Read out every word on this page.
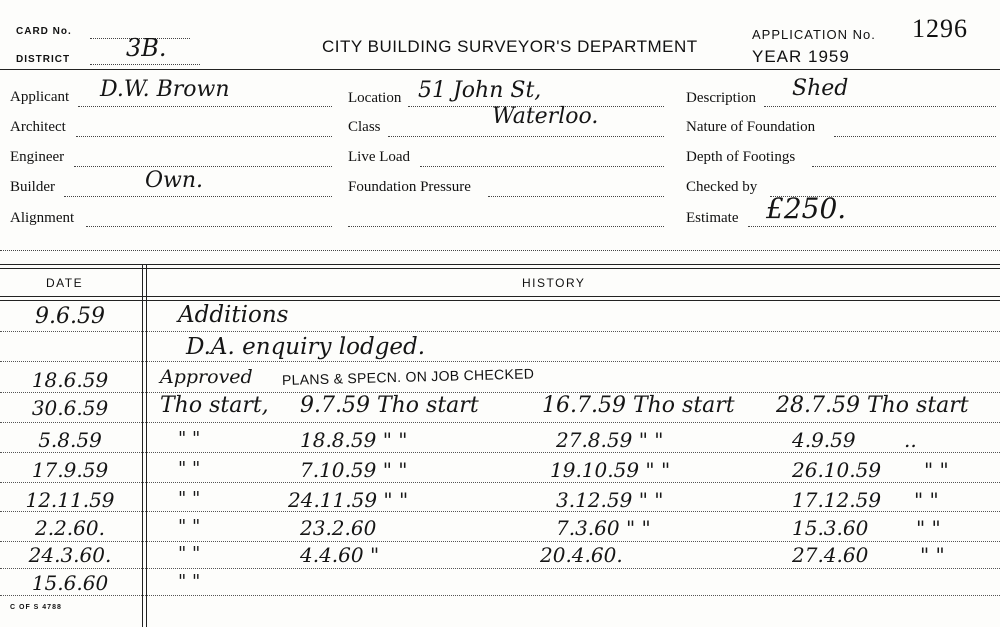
CARD No.
DISTRICT 3B.	CITY BUILDING SURVEYOR'S DEPARTMENT
APPLICATION No.
YEAR 1959
1296
Applicant D.W. Brown
Architect
Engineer
Builder	Own.
Alignment
Location 51 John St,
Class	Waterloo.
Live Load
Foundation Pressure
Description Shed
Nature of Foundation
Depth of Footings
Checked by
Estimate £250.
DATE	HISTORY
9.6.59	Additions
D.A. enquiry lodged.
18.6.59	Approved PLANS & SPECN. ON JOB CHECKED
30.6.59	Tho start, 9.7.59 Tho start	16.7.59 Tho start 28.7.59 Tho start
5.8.59	" "	18.8.59 " "	27.8.59 " "	4.9.59 ..
17.9.59	" "	7.10.59 " "	19.10.59 " "	26.10.59 " "
12.11.59	" "	24.11.59 " "	3.12.59 " "	17.12.59 " "
2.2.60.	" "	23.2.60	7.3.60 " "	15.3.60 " "
24.3.60.	" "	4.4.60 "	20.4.60.	27.4.60	" "
15.6.60	" "
C OF S 4788
